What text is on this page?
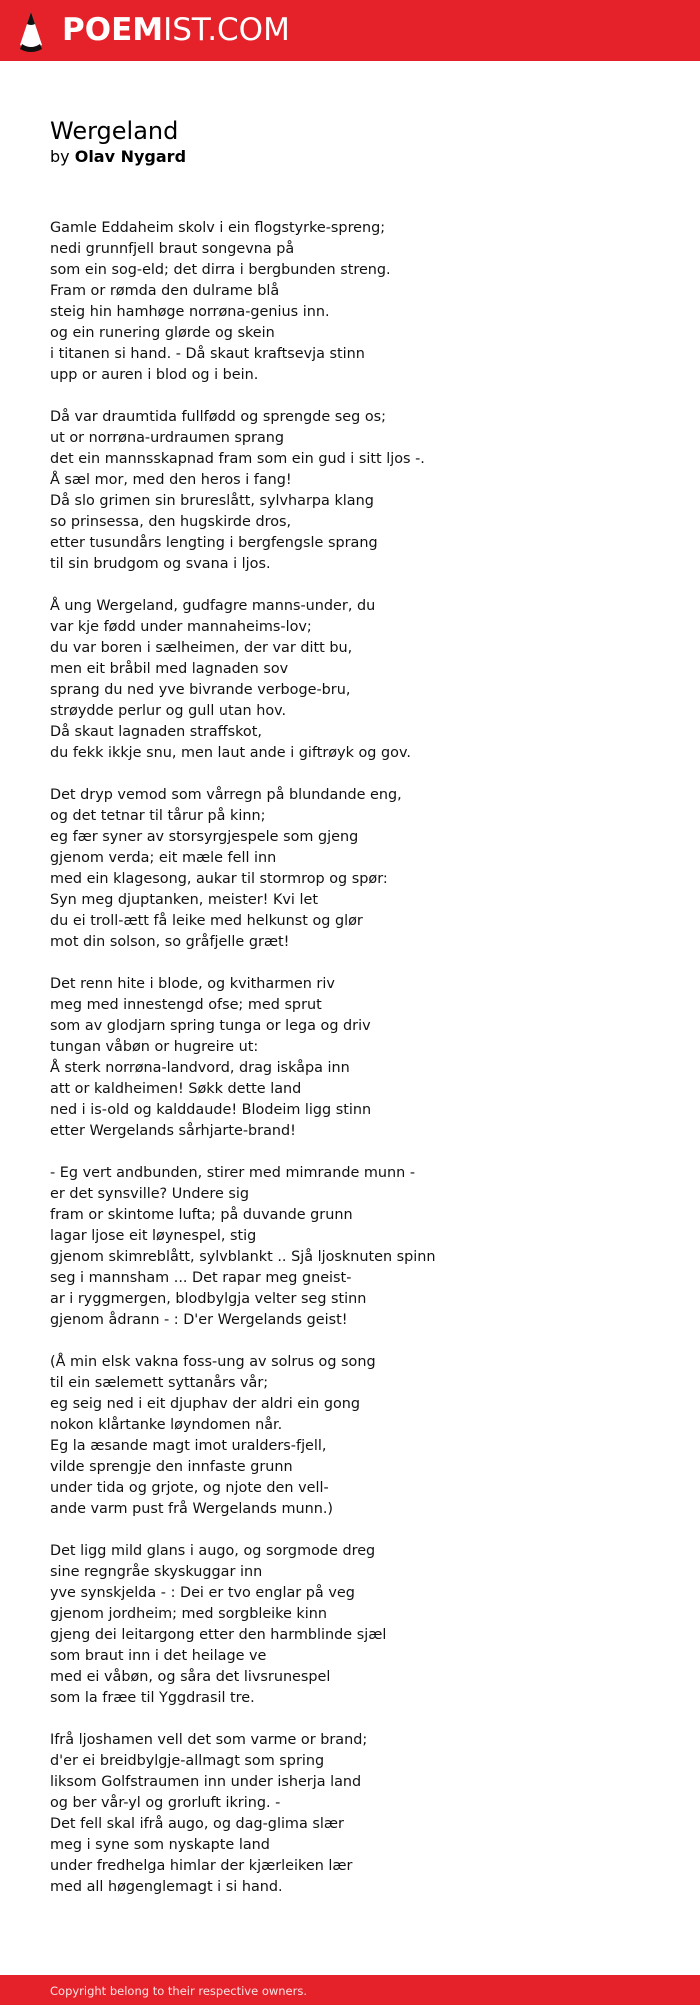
POEMIST.COM
Wergeland
by Olav Nygard
Gamle Eddaheim skolv i ein flogstyrke-spreng;
nedi grunnfjell braut songevna på
som ein sog-eld; det dirra i bergbunden streng.
Fram or rømda den dulrame blå
steig hin hamhøge norrøna-genius inn.
og ein runering glørde og skein
i titanen si hand. - Då skaut kraftsevja stinn
upp or auren i blod og i bein.
Då var draumtida fullfødd og sprengde seg os;
ut or norrøna-urdraumen sprang
det ein mannsskapnad fram som ein gud i sitt ljos -.
Å sæl mor, med den heros i fang!
Då slo grimen sin brureslått, sylvharpa klang
so prinsessa, den hugskirde dros,
etter tusundårs lengting i bergfengsle sprang
til sin brudgom og svana i ljos.
Å ung Wergeland, gudfagre manns-under, du
var kje fødd under mannaheims-lov;
du var boren i sælheimen, der var ditt bu,
men eit bråbil med lagnaden sov
sprang du ned yve bivrande verboge-bru,
strøydde perlur og gull utan hov.
Då skaut lagnaden straffskot,
du fekk ikkje snu, men laut ande i giftrøyk og gov.
Det dryp vemod som vårregn på blundande eng,
og det tetnar til tårur på kinn;
eg fær syner av storsyrgjespele som gjeng
gjenom verda; eit mæle fell inn
med ein klagesong, aukar til stormrop og spør:
Syn meg djuptanken, meister! Kvi let
du ei troll-ætt få leike med helkunst og glør
mot din solson, so gråfjelle græt!
Det renn hite i blode, og kvitharmen riv
meg med innestengd ofse; med sprut
som av glodjarn spring tunga or lega og driv
tungan våbøn or hugreire ut:
Å sterk norrøna-landvord, drag iskåpa inn
att or kaldheimen! Søkk dette land
ned i is-old og kalddaude! Blodeim ligg stinn
etter Wergelands sårhjarte-brand!
- Eg vert andbunden, stirer med mimrande munn -
er det synsville? Undere sig
fram or skintome lufta; på duvande grunn
lagar ljose eit løynespel, stig
gjenom skimreblått, sylvblankt .. Sjå ljosknuten spinn
seg i mannsham ... Det rapar meg gneist-
ar i ryggmergen, blodbylgja velter seg stinn
gjenom ådrann - : D'er Wergelands geist!
(Å min elsk vakna foss-ung av solrus og song
til ein sælemett syttanårs vår;
eg seig ned i eit djuphav der aldri ein gong
nokon klårtanke løyndomen når.
Eg la æsande magt imot uralders-fjell,
vilde sprengje den innfaste grunn
under tida og grjote, og njote den vell-
ande varm pust frå Wergelands munn.)
Det ligg mild glans i augo, og sorgmode dreg
sine regngråe skyskuggar inn
yve synskjelda - : Dei er tvo englar på veg
gjenom jordheim; med sorgbleike kinn
gjeng dei leitargong etter den harmblinde sjæl
som braut inn i det heilage ve
med ei våbøn, og såra det livsrunespel
som la fræe til Yggdrasil tre.
Ifrå ljoshamen vell det som varme or brand;
d'er ei breidbylgje-allmagt som spring
liksom Golfstraumen inn under isherja land
og ber vår-yl og grorluft ikring. -
Det fell skal ifrå augo, og dag-glima slær
meg i syne som nyskapte land
under fredhelga himlar der kjærleiken lær
med all høgenglemagt i si hand.
Copyright belong to their respective owners.
